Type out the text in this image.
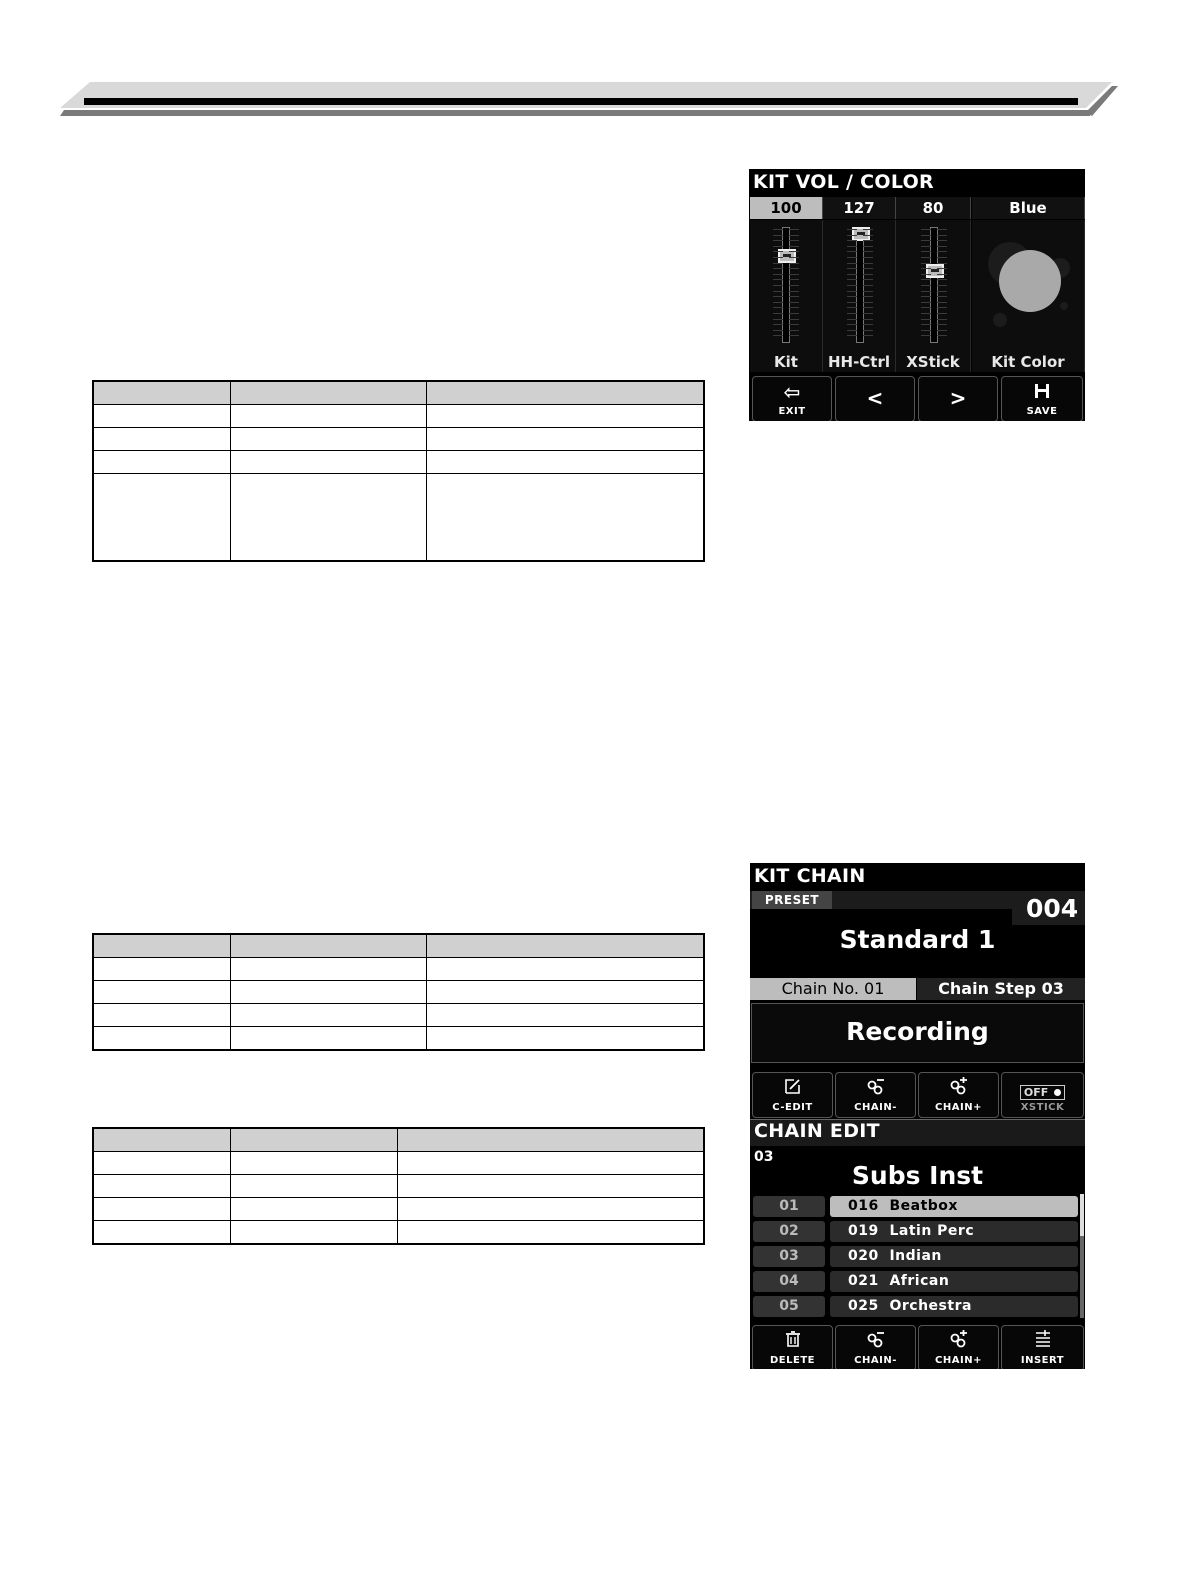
KIT VOL / COLOR
100	127	80	Blue
Kit	HH-Ctrl	XStick	Kit Color
⇦
EXIT
<	>
SAVE
KIT CHAIN
PRESET	004
Standard 1
Chain No. 01	Chain Step 03
Recording
C-EDIT	CHAIN-	CHAIN+
OFF
XSTICK
CHAIN EDIT
03
Subs Inst
01	016  Beatbox
02	019  Latin Perc
03	020  Indian
04	021  African
05	025  Orchestra
DELETE	CHAIN-	CHAIN+	INSERT
